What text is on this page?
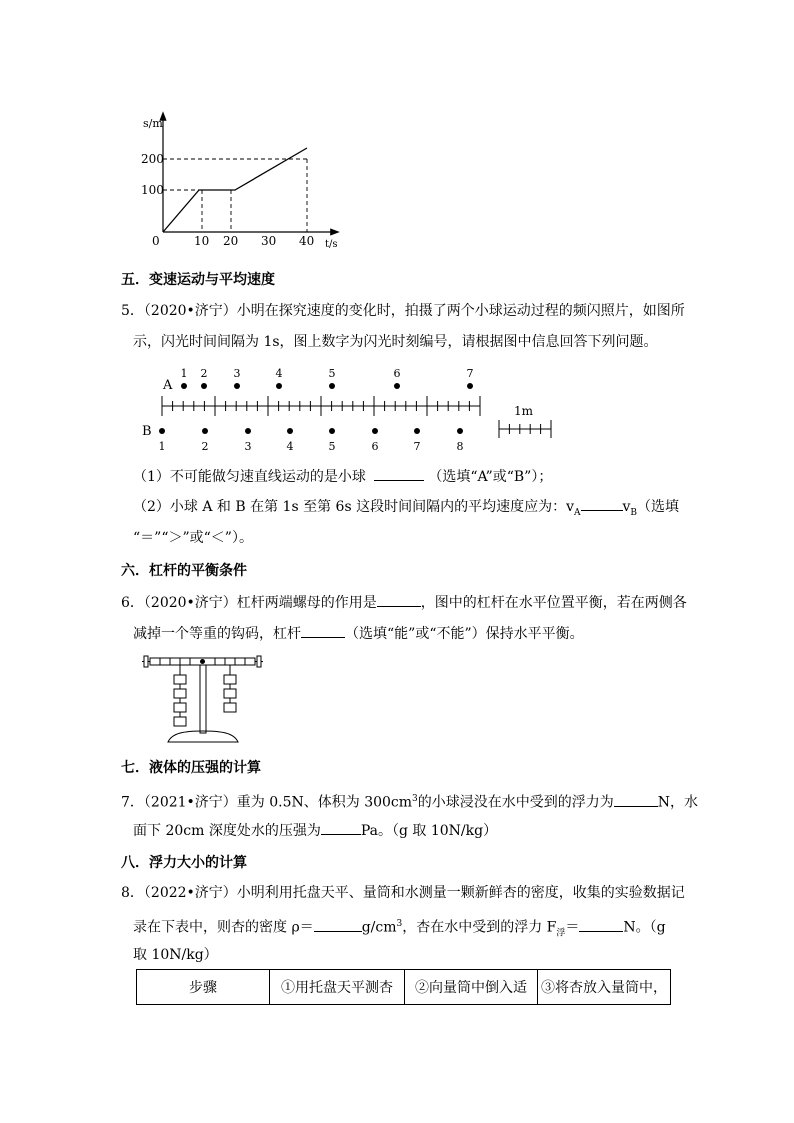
s/m
t/s
0
100
200
10 20 30 40
五．变速运动与平均速度
5．（2020•济宁）小明在探究速度的变化时，拍摄了两个小球运动过程的频闪照片，如图所
示，闪光时间间隔为 1s，图上数字为闪光时刻编号，请根据图中信息回答下列问题。
A
B
1 2 3	4	5	6	7
1	2	3	4	5	6	7	8
1m
（1）不可能做匀速直线运动的是小球	（选填“A”或“B”）；
（2）小球 A 和 B 在第 1s 至第 6s 这段时间间隔内的平均速度应为：$v_A$	$v_B$（选填
“＝”“＞”或“＜”）。
六．杠杆的平衡条件
6．（2020•济宁）杠杆两端螺母的作用是	，图中的杠杆在水平位置平衡，若在两侧各
减掉一个等重的钩码，杠杆	（选填“能”或“不能”）保持水平平衡。
七．液体的压强的计算
7．（2021•济宁）重为 0.5N、体积为 $300cm^3$的小球浸没在水中受到的浮力为	N，水
面下 20cm 深度处水的压强为	Pa。（g 取 10N/kg）
八．浮力大小的计算
8．（2022•济宁）小明利用托盘天平、量筒和水测量一颗新鲜杏的密度，收集的实验数据记
录在下表中，则杏的密度 ρ＝	$g/cm^3$，杏在水中受到的浮力 $F_浮=$	N。（g
取 10N/kg）
步骤	①用托盘天平测杏	②向量筒中倒入适	③将杏放入量筒中，
